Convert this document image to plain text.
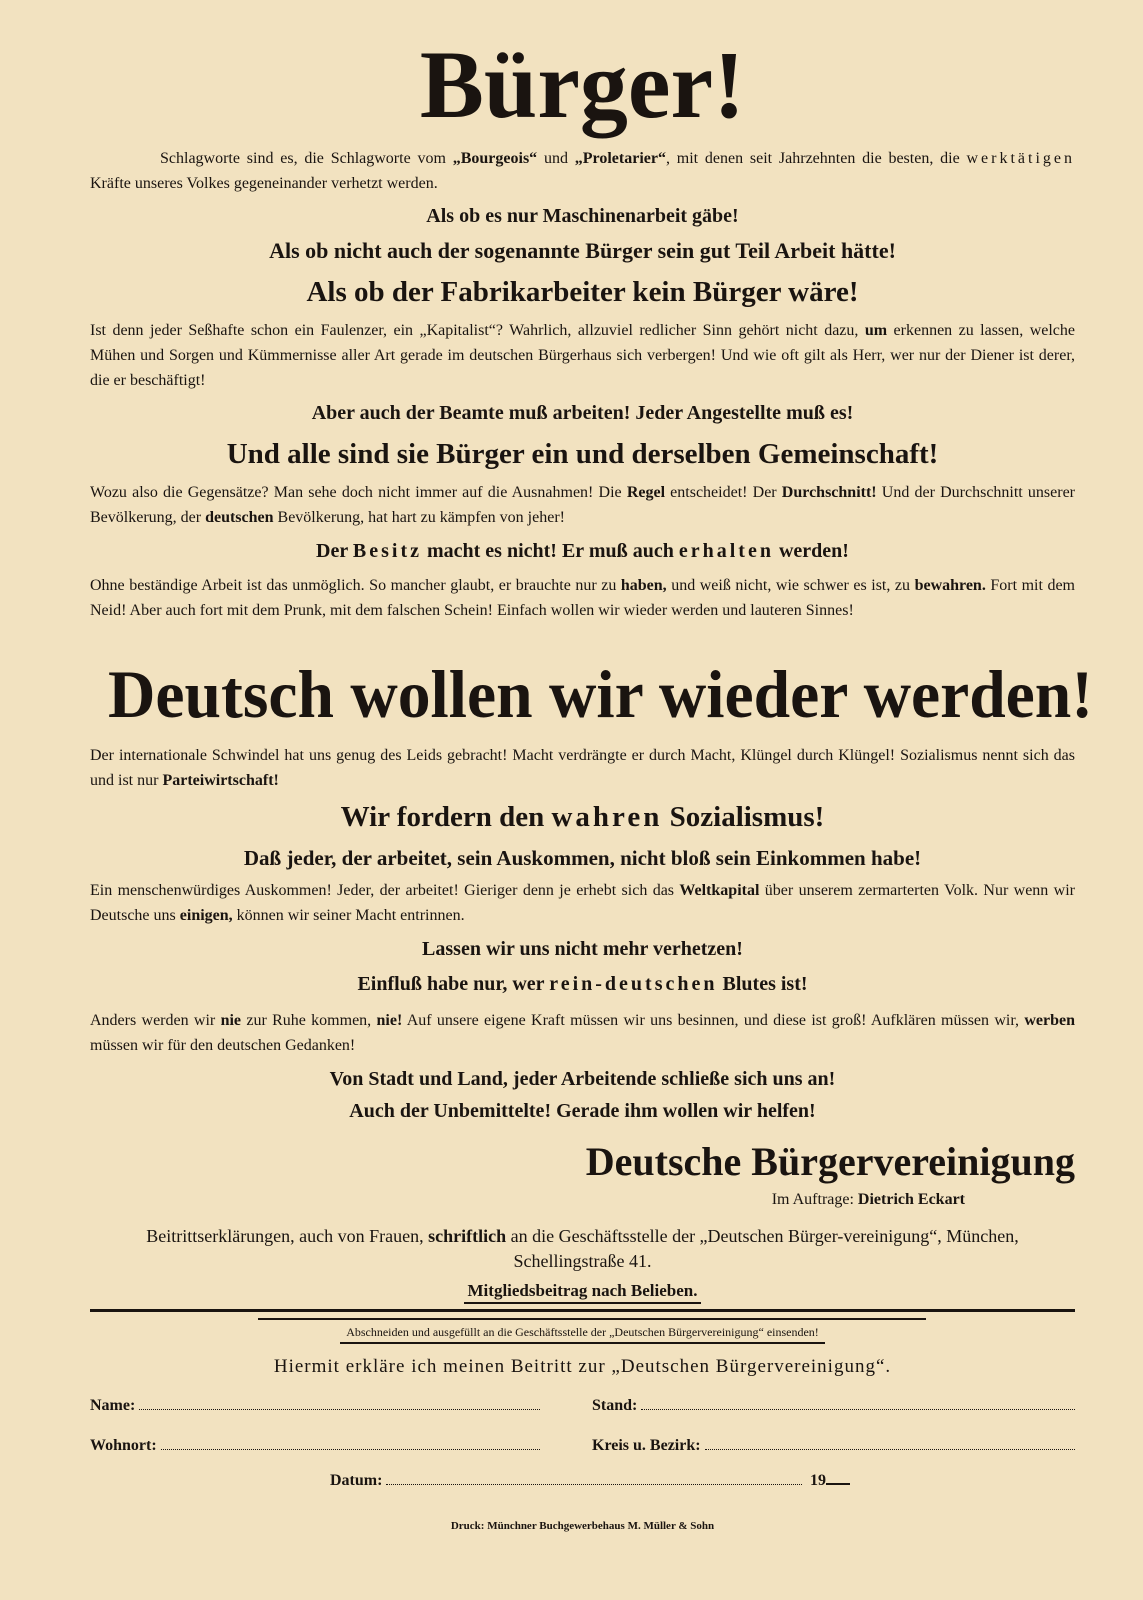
Bürger!
Schlagworte sind es, die Schlagworte vom „Bourgeois“ und „Proletarier“, mit denen seit Jahrzehnten die besten, die werktätigen Kräfte unseres Volkes gegeneinander verhetzt werden.
Als ob es nur Maschinenarbeit gäbe!
Als ob nicht auch der sogenannte Bürger sein gut Teil Arbeit hätte!
Als ob der Fabrikarbeiter kein Bürger wäre!
Ist denn jeder Seßhafte schon ein Faulenzer, ein „Kapitalist“? Wahrlich, allzuviel redlicher Sinn gehört nicht dazu, um erkennen zu lassen, welche Mühen und Sorgen und Kümmernisse aller Art gerade im deutschen Bürgerhaus sich verbergen! Und wie oft gilt als Herr, wer nur der Diener ist derer, die er beschäftigt!
Aber auch der Beamte muß arbeiten! Jeder Angestellte muß es!
Und alle sind sie Bürger ein und derselben Gemeinschaft!
Wozu also die Gegensätze? Man sehe doch nicht immer auf die Ausnahmen! Die Regel entscheidet! Der Durchschnitt! Und der Durchschnitt unserer Bevölkerung, der deutschen Bevölkerung, hat hart zu kämpfen von jeher!
Der Besitz macht es nicht! Er muß auch erhalten werden!
Ohne beständige Arbeit ist das unmöglich. So mancher glaubt, er brauchte nur zu haben, und weiß nicht, wie schwer es ist, zu bewahren. Fort mit dem Neid! Aber auch fort mit dem Prunk, mit dem falschen Schein! Einfach wollen wir wieder werden und lauteren Sinnes!
Deutsch wollen wir wieder werden!
Der internationale Schwindel hat uns genug des Leids gebracht! Macht verdrängte er durch Macht, Klüngel durch Klüngel! Sozialismus nennt sich das und ist nur Parteiwirtschaft!
Wir fordern den wahren Sozialismus!
Daß jeder, der arbeitet, sein Auskommen, nicht bloß sein Einkommen habe!
Ein menschenwürdiges Auskommen! Jeder, der arbeitet! Gieriger denn je erhebt sich das Weltkapital über unserem zermarterten Volk. Nur wenn wir Deutsche uns einigen, können wir seiner Macht entrinnen.
Lassen wir uns nicht mehr verhetzen!
Einfluß habe nur, wer rein-deutschen Blutes ist!
Anders werden wir nie zur Ruhe kommen, nie! Auf unsere eigene Kraft müssen wir uns besinnen, und diese ist groß! Aufklären müssen wir, werben müssen wir für den deutschen Gedanken!
Von Stadt und Land, jeder Arbeitende schließe sich uns an!
Auch der Unbemittelte! Gerade ihm wollen wir helfen!
Deutsche Bürgervereinigung
Im Auftrage: Dietrich Eckart
Beitrittserklärungen, auch von Frauen, schriftlich an die Geschäftsstelle der „Deutschen Bürger-vereinigung“, München, Schellingstraße 41.
Mitgliedsbeitrag nach Belieben.
Abschneiden und ausgefüllt an die Geschäftsstelle der „Deutschen Bürgervereinigung“ einsenden!
Hiermit erkläre ich meinen Beitritt zur „Deutschen Bürgervereinigung“.
Name:	Stand:
Wohnort:	Kreis u. Bezirk:
Datum:	19
Druck: Münchner Buchgewerbehaus M. Müller & Sohn
